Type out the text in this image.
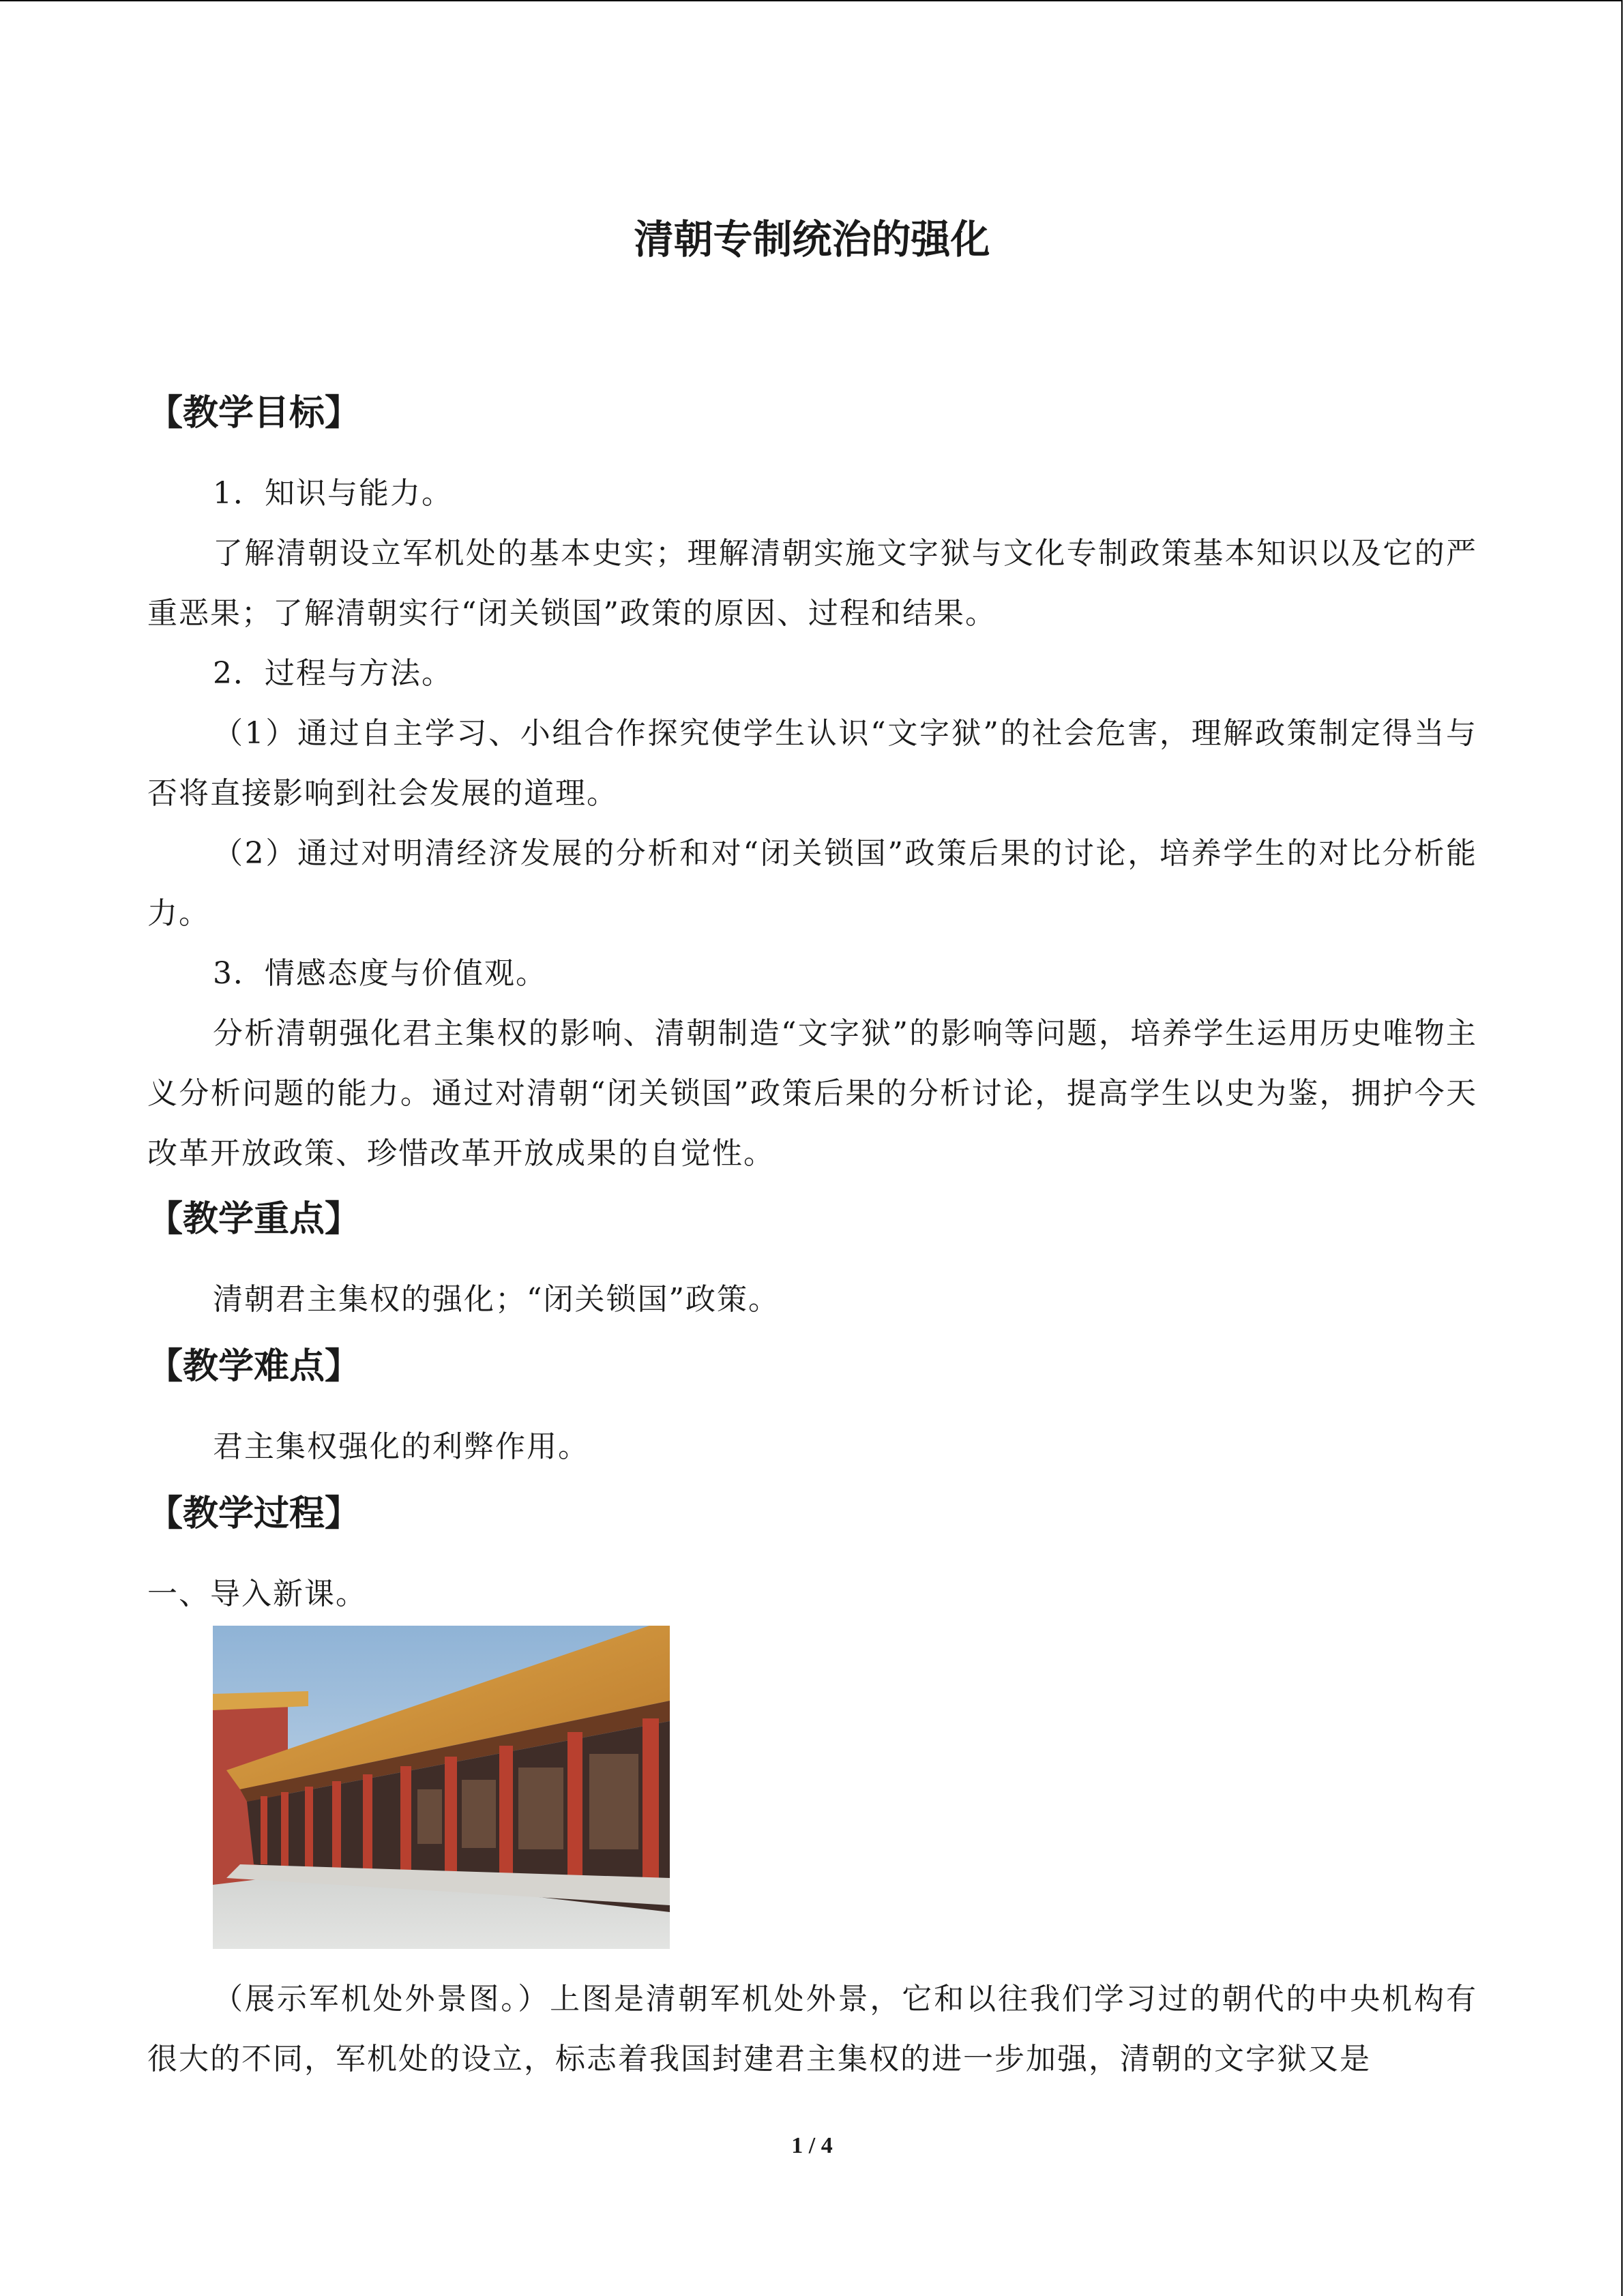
清朝专制统治的强化
【教学目标】
1．知识与能力。
了解清朝设立军机处的基本史实；理解清朝实施文字狱与文化专制政策基本知识以及它的严重恶果；了解清朝实行“闭关锁国”政策的原因、过程和结果。
2．过程与方法。
（1）通过自主学习、小组合作探究使学生认识“文字狱”的社会危害，理解政策制定得当与否将直接影响到社会发展的道理。
（2）通过对明清经济发展的分析和对“闭关锁国”政策后果的讨论，培养学生的对比分析能力。
3．情感态度与价值观。
分析清朝强化君主集权的影响、清朝制造“文字狱”的影响等问题，培养学生运用历史唯物主义分析问题的能力。通过对清朝“闭关锁国”政策后果的分析讨论，提高学生以史为鉴，拥护今天改革开放政策、珍惜改革开放成果的自觉性。
【教学重点】
清朝君主集权的强化；“闭关锁国”政策。
【教学难点】
君主集权强化的利弊作用。
【教学过程】
一、导入新课。
（展示军机处外景图。）上图是清朝军机处外景，它和以往我们学习过的朝代的中央机构有很大的不同，军机处的设立，标志着我国封建君主集权的进一步加强，清朝的文字狱又是
1 / 4
